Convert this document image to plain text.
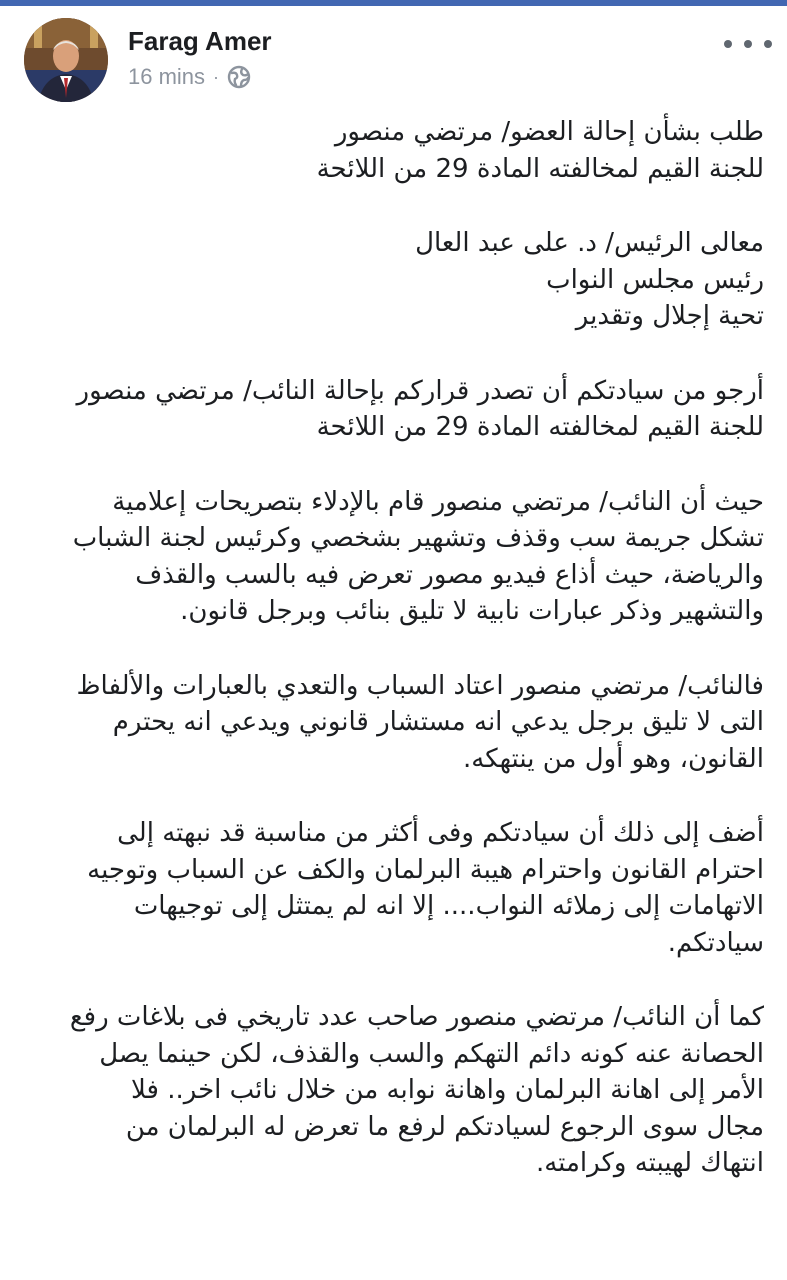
Farag Amer
16 mins ·
طلب بشأن إحالة العضو/ مرتضي منصور
للجنة القيم لمخالفته المادة 29 من اللائحة
معالى الرئيس/ د. على عبد العال
رئيس مجلس النواب
تحية إجلال وتقدير
أرجو من سيادتكم أن تصدر قراركم بإحالة النائب/ مرتضي منصور
للجنة القيم لمخالفته المادة 29 من اللائحة
حيث أن النائب/ مرتضي منصور قام بالإدلاء بتصريحات إعلامية
تشكل جريمة سب وقذف وتشهير بشخصي وكرئيس لجنة الشباب
والرياضة، حيث أذاع فيديو مصور تعرض فيه بالسب والقذف
والتشهير وذكر عبارات نابية لا تليق بنائب وبرجل قانون.
فالنائب/ مرتضي منصور اعتاد السباب والتعدي بالعبارات والألفاظ
التى لا تليق برجل يدعي انه مستشار قانوني ويدعي انه يحترم
القانون، وهو أول من ينتهكه.
أضف إلى ذلك أن سيادتكم وفى أكثر من مناسبة قد نبهته إلى
احترام القانون واحترام هيبة البرلمان والكف عن السباب وتوجيه
الاتهامات إلى زملائه النواب.... إلا انه لم يمتثل إلى توجيهات
سيادتكم.
كما أن النائب/ مرتضي منصور صاحب عدد تاريخي فى بلاغات رفع
الحصانة عنه كونه دائم التهكم والسب والقذف، لكن حينما يصل
الأمر إلى اهانة البرلمان واهانة نوابه من خلال نائب اخر.. فلا
مجال سوى الرجوع لسيادتكم لرفع ما تعرض له البرلمان من
انتهاك لهيبته وكرامته.
